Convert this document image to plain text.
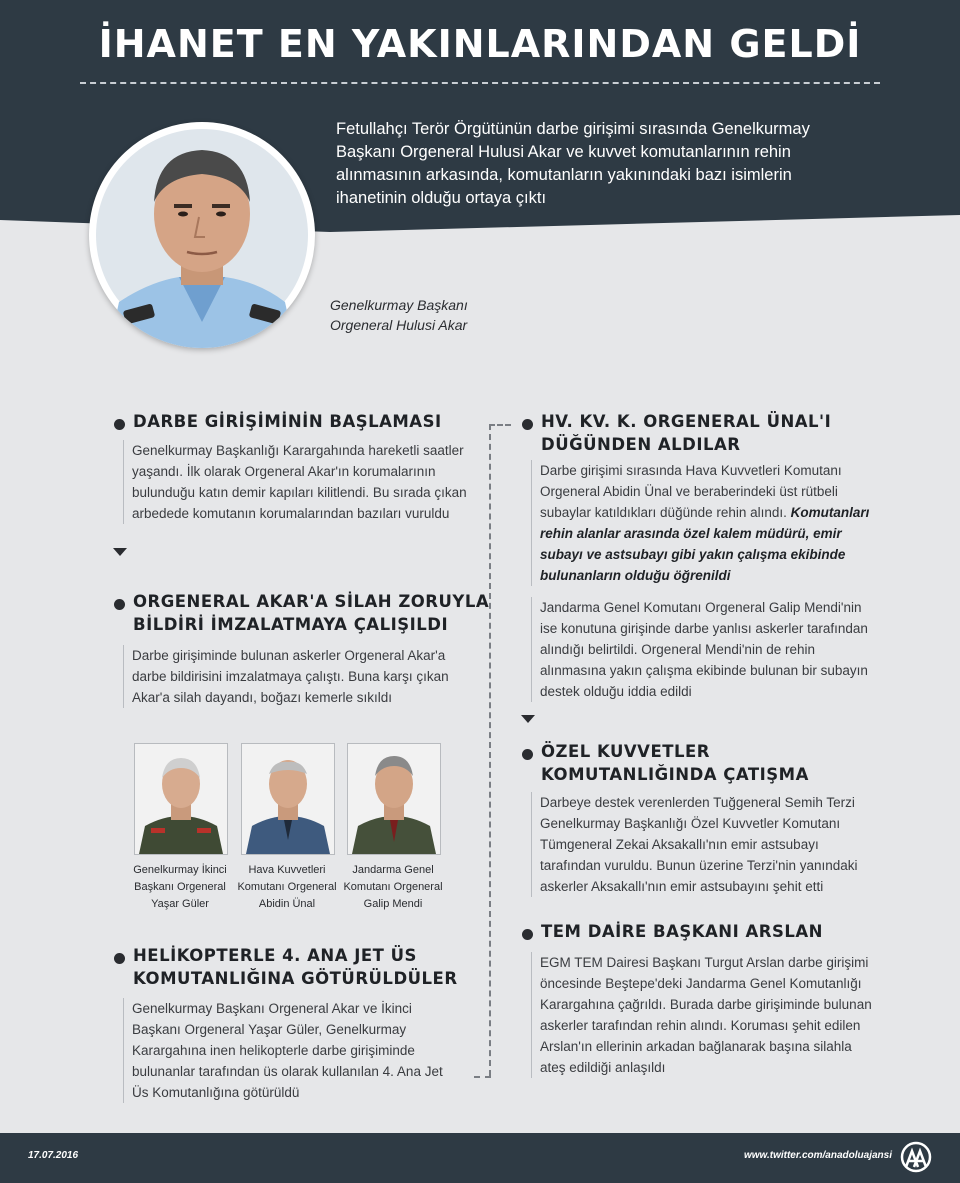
İHANET EN YAKINLARINDAN GELDİ
Fetullahçı Terör Örgütünün darbe girişimi sırasında Genelkurmay Başkanı Orgeneral Hulusi Akar ve kuvvet komutanlarının rehin alınmasının arkasında, komutanların yakınındaki bazı isimlerin ihanetinin olduğu ortaya çıktı
Genelkurmay Başkanı
Orgeneral Hulusi Akar
DARBE GİRİŞİMİNİN BAŞLAMASI
Genelkurmay Başkanlığı Karargahında hareketli saatler yaşandı. İlk olarak Orgeneral Akar'ın korumalarının bulunduğu katın demir kapıları kilitlendi. Bu sırada çıkan arbedede komutanın korumalarından bazıları vuruldu
ORGENERAL AKAR'A SİLAH ZORUYLA
BİLDİRİ İMZALATMAYA ÇALIŞILDI
Darbe girişiminde bulunan askerler Orgeneral Akar'a darbe bildirisini imzalatmaya çalıştı. Buna karşı çıkan Akar'a silah dayandı, boğazı kemerle sıkıldı
Genelkurmay İkinci
Başkanı Orgeneral
Yaşar Güler
Hava Kuvvetleri
Komutanı Orgeneral
Abidin Ünal
Jandarma Genel
Komutanı Orgeneral
Galip Mendi
HELİKOPTERLE 4. ANA JET ÜS
KOMUTANLIĞINA GÖTÜRÜLDÜLER
Genelkurmay Başkanı Orgeneral Akar ve İkinci Başkanı Orgeneral Yaşar Güler, Genelkurmay Karargahına inen helikopterle darbe girişiminde bulunanlar tarafından üs olarak kullanılan 4. Ana Jet Üs Komutanlığına götürüldü
HV. KV. K. ORGENERAL ÜNAL'I
DÜĞÜNDEN ALDILAR
Darbe girişimi sırasında Hava Kuvvetleri Komutanı Orgeneral Abidin Ünal ve beraberindeki üst rütbeli subaylar katıldıkları düğünde rehin alındı. Komutanları rehin alanlar arasında özel kalem müdürü, emir subayı ve astsubayı gibi yakın çalışma ekibinde bulunanların olduğu öğrenildi
Jandarma Genel Komutanı Orgeneral Galip Mendi'nin ise konutuna girişinde darbe yanlısı askerler tarafından alındığı belirtildi. Orgeneral Mendi'nin de rehin alınmasına yakın çalışma ekibinde bulunan bir subayın destek olduğu iddia edildi
ÖZEL KUVVETLER
KOMUTANLIĞINDA ÇATIŞMA
Darbeye destek verenlerden Tuğgeneral Semih Terzi Genelkurmay Başkanlığı Özel Kuvvetler Komutanı Tümgeneral Zekai Aksakallı'nın emir astsubayı tarafından vuruldu. Bunun üzerine Terzi'nin yanındaki askerler Aksakallı'nın emir astsubayını şehit etti
TEM DAİRE BAŞKANI ARSLAN
EGM TEM Dairesi Başkanı Turgut Arslan darbe girişimi öncesinde Beştepe'deki Jandarma Genel Komutanlığı Karargahına çağrıldı. Burada darbe girişiminde bulunan askerler tarafından rehin alındı. Koruması şehit edilen Arslan'ın ellerinin arkadan bağlanarak başına silahla ateş edildiği anlaşıldı
17.07.2016	www.twitter.com/anadoluajansi
